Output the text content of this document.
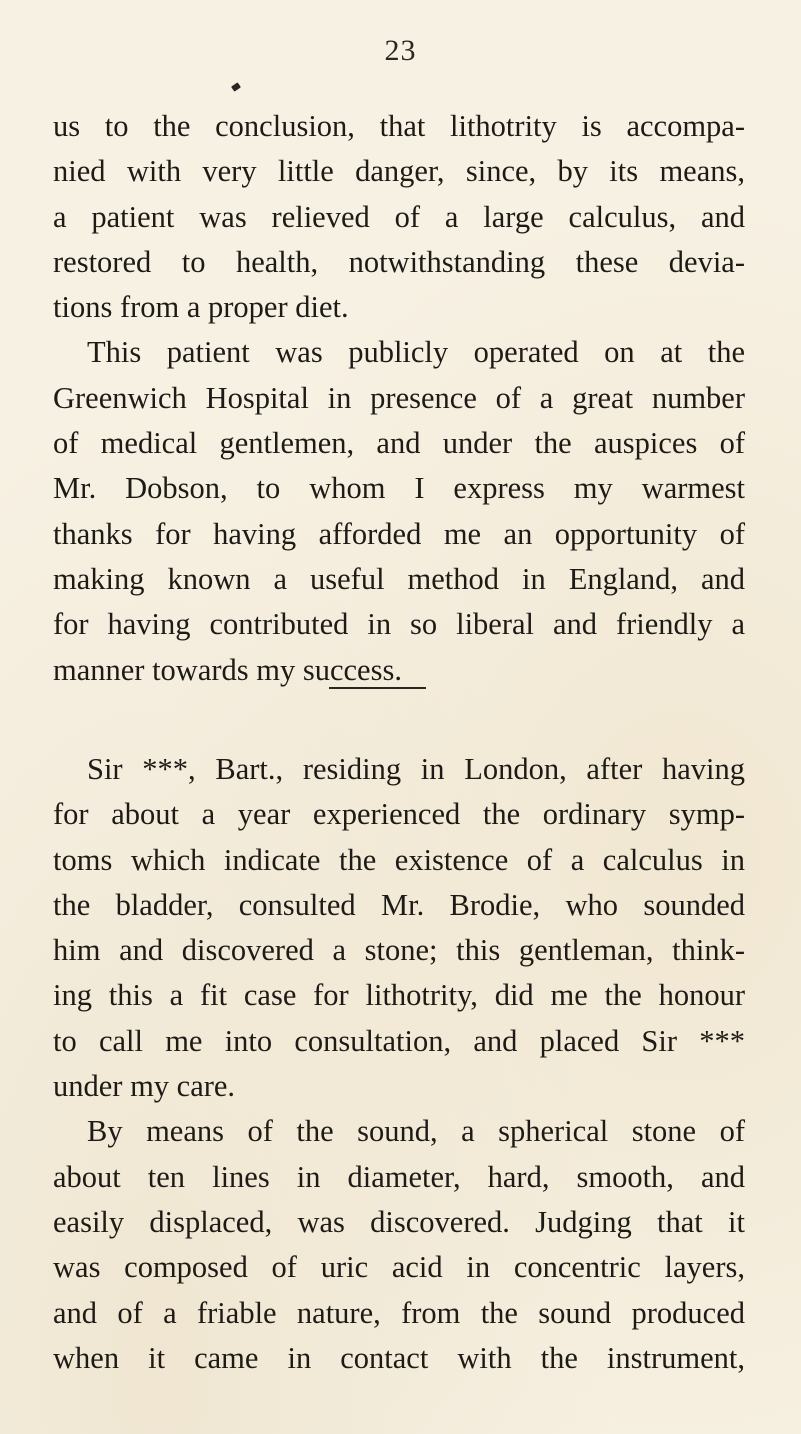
23
us to the conclusion, that lithotrity is accompa-
nied with very little danger, since, by its means,
a patient was relieved of a large calculus, and
restored to health, notwithstanding these devia-
tions from a proper diet.
This patient was publicly operated on at the
Greenwich Hospital in presence of a great number
of medical gentlemen, and under the auspices of
Mr. Dobson, to whom I express my warmest
thanks for having afforded me an opportunity of
making known a useful method in England, and
for having contributed in so liberal and friendly a
manner towards my success.
Sir ***, Bart., residing in London, after having
for about a year experienced the ordinary symp-
toms which indicate the existence of a calculus in
the bladder, consulted Mr. Brodie, who sounded
him and discovered a stone; this gentleman, think-
ing this a fit case for lithotrity, did me the honour
to call me into consultation, and placed Sir ***
under my care.
By means of the sound, a spherical stone of
about ten lines in diameter, hard, smooth, and
easily displaced, was discovered. Judging that it
was composed of uric acid in concentric layers,
and of a friable nature, from the sound produced
when it came in contact with the instrument,
